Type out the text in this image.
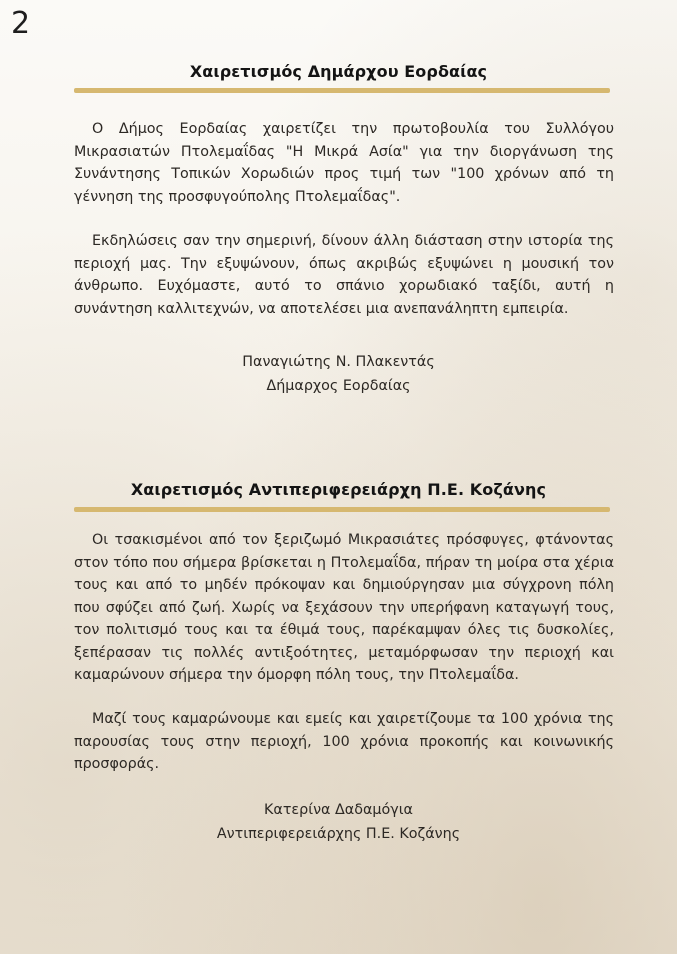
2
Χαιρετισμός Δημάρχου Εορδαίας

Ο Δήμος Εορδαίας χαιρετίζει την πρωτοβουλία του Συλλόγου Μικρασιατών Πτολεμαΐδας "Η Μικρά Ασία" για την διοργάνωση της Συνάντησης Τοπικών Χορωδιών προς τιμή των "100 χρόνων από τη γέννηση της προσφυγούπολης Πτολεμαΐδας".

Εκδηλώσεις σαν την σημερινή, δίνουν άλλη διάσταση στην ιστορία της περιοχή μας. Την εξυψώνουν, όπως ακριβώς εξυψώνει η μουσική τον άνθρωπο. Ευχόμαστε, αυτό το σπάνιο χορωδιακό ταξίδι, αυτή η συνάντηση καλλιτεχνών, να αποτελέσει μια ανεπανάληπτη εμπειρία.

Παναγιώτης Ν. Πλακεντάς
Δήμαρχος Εορδαίας
Χαιρετισμός Αντιπεριφερειάρχη Π.Ε. Κοζάνης

Οι τσακισμένοι από τον ξεριζωμό Μικρασιάτες πρόσφυγες, φτάνοντας στον τόπο που σήμερα βρίσκεται η Πτολεμαΐδα, πήραν τη μοίρα στα χέρια τους και από το μηδέν πρόκοψαν και δημιούργησαν μια σύγχρονη πόλη που σφύζει από ζωή. Χωρίς να ξεχάσουν την υπερήφανη καταγωγή τους, τον πολιτισμό τους και τα έθιμά τους, παρέκαμψαν όλες τις δυσκολίες, ξεπέρασαν τις πολλές αντιξοότητες, μεταμόρφωσαν την περιοχή και καμαρώνουν σήμερα την όμορφη πόλη τους, την Πτολεμαΐδα.

Μαζί τους καμαρώνουμε και εμείς και χαιρετίζουμε τα 100 χρόνια της παρουσίας τους στην περιοχή, 100 χρόνια προκοπής και κοινωνικής προσφοράς.

Κατερίνα Δαδαμόγια
Αντιπεριφερειάρχης Π.Ε. Κοζάνης
